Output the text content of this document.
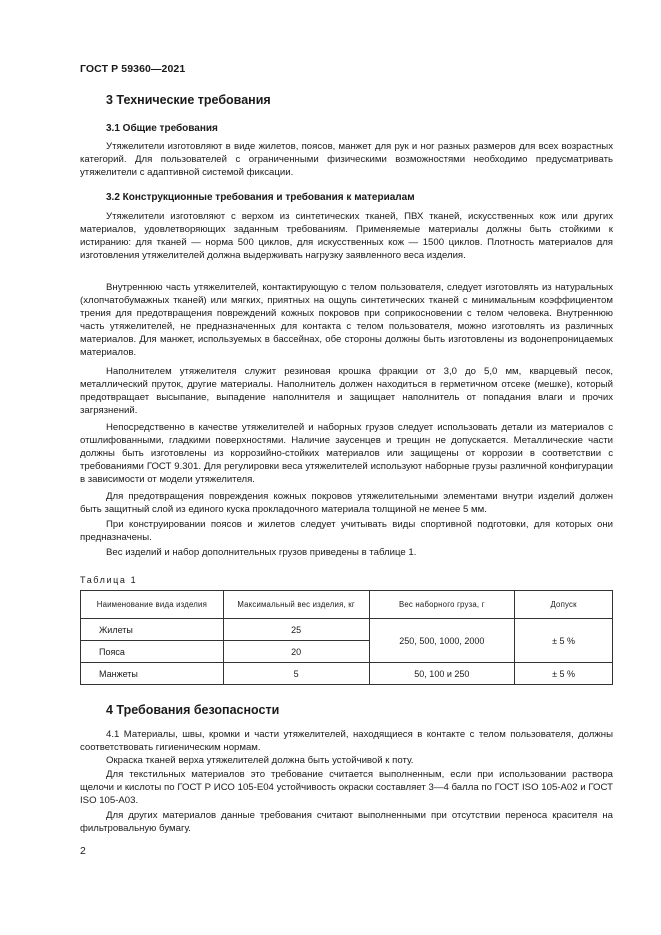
ГОСТ Р 59360—2021
3 Технические требования
3.1 Общие требования

Утяжелители изготовляют в виде жилетов, поясов, манжет для рук и ног разных размеров для всех возрастных категорий. Для пользователей с ограниченными физическими возможностями необходимо предусматривать утяжелители с адаптивной системой фиксации.

3.2 Конструкционные требования и требования к материалам

Утяжелители изготовляют с верхом из синтетических тканей, ПВХ тканей, искусственных кож или других материалов, удовлетворяющих заданным требованиям. Применяемые материалы должны быть стойкими к истиранию: для тканей — норма 500 циклов, для искусственных кож — 1500 циклов. Плотность материалов для изготовления утяжелителей должна выдерживать нагрузку заявленного веса изделия.

Внутреннюю часть утяжелителей, контактирующую с телом пользователя, следует изготовлять из натуральных (хлопчатобумажных тканей) или мягких, приятных на ощупь синтетических тканей с минимальным коэффициентом трения для предотвращения повреждений кожных покровов при соприкосновении с телом человека. Внутреннюю часть утяжелителей, не предназначенных для контакта с телом пользователя, можно изготовлять из различных материалов. Для манжет, используемых в бассейнах, обе стороны должны быть изготовлены из водонепроницаемых материалов.

Наполнителем утяжелителя служит резиновая крошка фракции от 3,0 до 5,0 мм, кварцевый песок, металлический пруток, другие материалы. Наполнитель должен находиться в герметичном отсеке (мешке), который предотвращает высыпание, выпадение наполнителя и защищает наполнитель от попадания влаги и прочих загрязнений.

Непосредственно в качестве утяжелителей и наборных грузов следует использовать детали из материалов с отшлифованными, гладкими поверхностями. Наличие заусенцев и трещин не допускается. Металлические части должны быть изготовлены из коррозийно-стойких материалов или защищены от коррозии в соответствии с требованиями ГОСТ 9.301. Для регулировки веса утяжелителей используют наборные грузы различной конфигурации в зависимости от модели утяжелителя.

Для предотвращения повреждения кожных покровов утяжелительными элементами внутри изделий должен быть защитный слой из единого куска прокладочного материала толщиной не менее 5 мм.

При конструировании поясов и жилетов следует учитывать виды спортивной подготовки, для которых они предназначены.

Вес изделий и набор дополнительных грузов приведены в таблице 1.

Таблица 1
Наименование вида изделия	Максимальный вес изделия, кг	Вес наборного груза, г	Допуск
Жилеты	25	250, 500, 1000, 2000	± 5 %
Пояса	20		
Манжеты	5	50, 100 и 250	± 5 %
4 Требования безопасности

4.1 Материалы, швы, кромки и части утяжелителей, находящиеся в контакте с телом пользователя, должны соответствовать гигиеническим нормам.

Окраска тканей верха утяжелителей должна быть устойчивой к поту.

Для текстильных материалов это требование считается выполненным, если при использовании раствора щелочи и кислоты по ГОСТ Р ИСО 105-Е04 устойчивость окраски составляет 3—4 балла по ГОСТ ISO 105-A02 и ГОСТ ISO 105-A03.

Для других материалов данные требования считают выполненными при отсутствии переноса красителя на фильтровальную бумагу.

2
